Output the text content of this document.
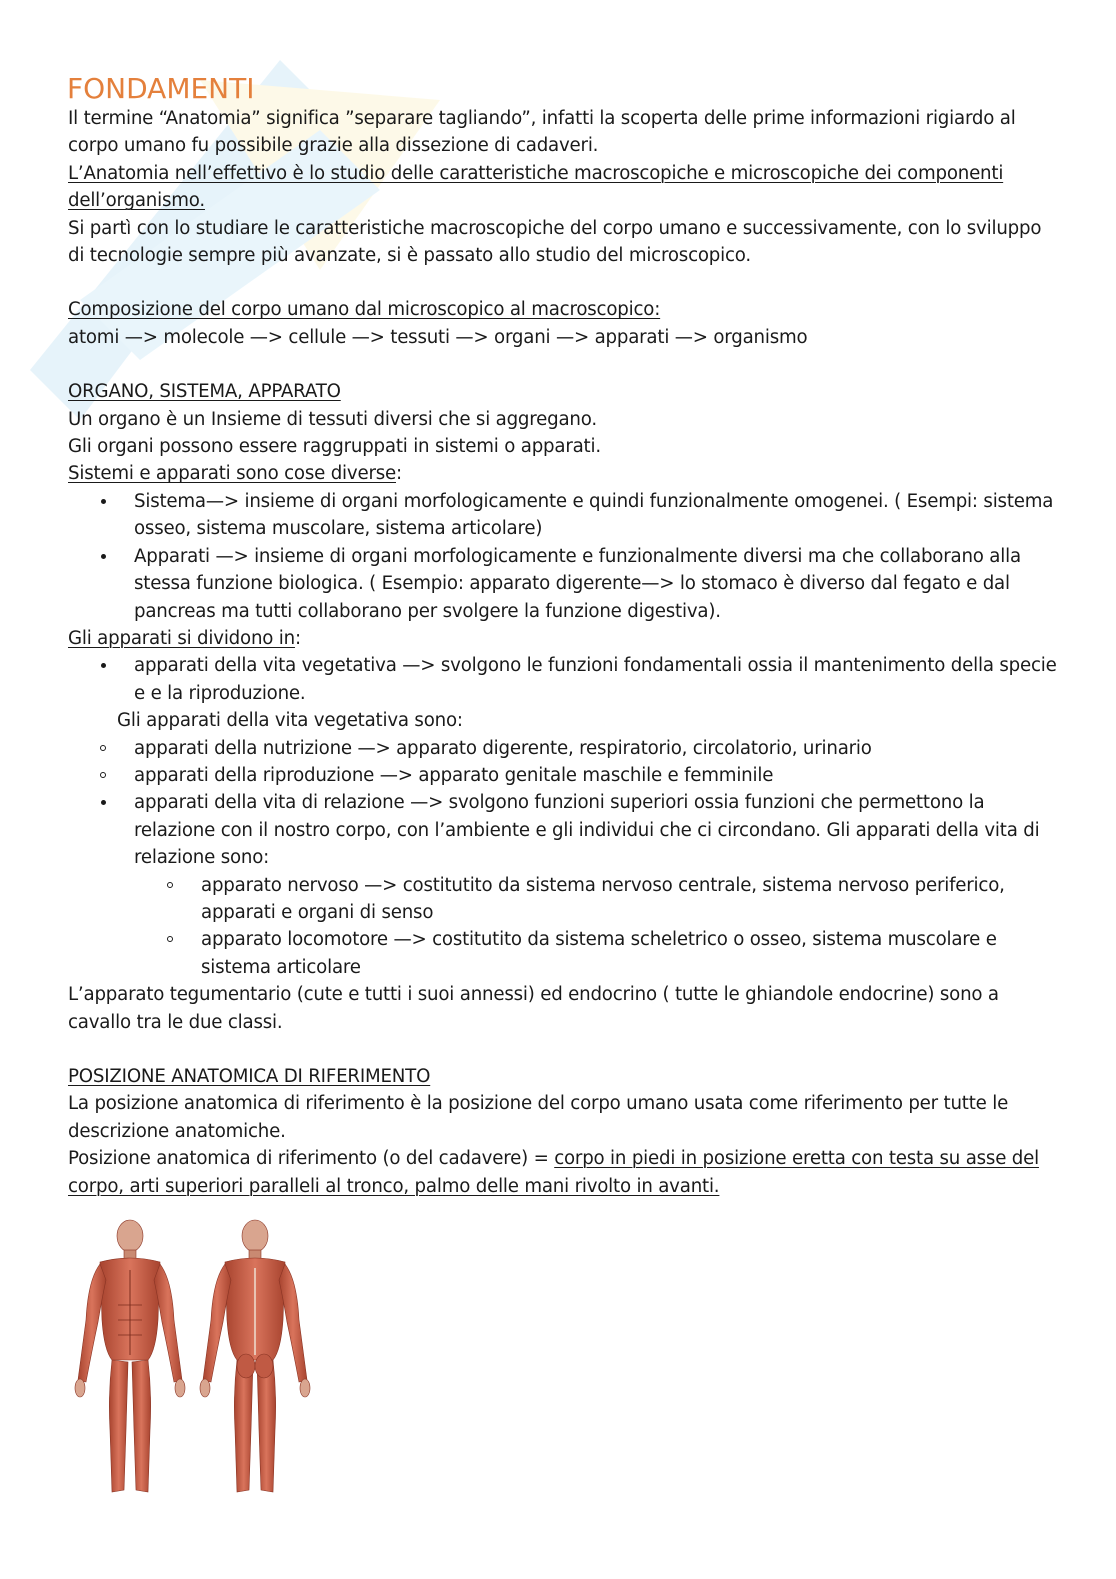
FONDAMENTI

Il termine “Anatomia” significa ”separare tagliando”, infatti la scoperta delle prime informazioni rigiardo al corpo umano fu possibile grazie alla dissezione di cadaveri.

L’Anatomia nell’effettivo è lo studio delle caratteristiche macroscopiche e microscopiche dei componenti dell’organismo.

Si partì con lo studiare le caratteristiche macroscopiche del corpo umano e successivamente, con lo sviluppo di tecnologie sempre più avanzate, si è passato allo studio del microscopico.

Composizione del corpo umano dal microscopico al macroscopico:

atomi —> molecole —> cellule —> tessuti —> organi —> apparati —> organismo

ORGANO, SISTEMA, APPARATO

Un organo è un Insieme di tessuti diversi che si aggregano.

Gli organi possono essere raggruppati in sistemi o apparati.

Sistemi e apparati sono cose diverse:

Sistema—> insieme di organi morfologicamente e quindi funzionalmente omogenei. ( Esempi: sistema osseo, sistema muscolare, sistema articolare)
Apparati —> insieme di organi morfologicamente e funzionalmente diversi ma che collaborano alla stessa funzione biologica. ( Esempio: apparato digerente—> lo stomaco è diverso dal fegato e dal pancreas ma tutti collaborano per svolgere la funzione digestiva).

Gli apparati si dividono in:

apparati della vita vegetativa —> svolgono le funzioni fondamentali ossia il mantenimento della specie e e la riproduzione.

Gli apparati della vita vegetativa sono:

apparati della nutrizione —> apparato digerente, respiratorio, circolatorio, urinario
apparati della riproduzione —> apparato genitale maschile e femminile
apparati della vita di relazione —> svolgono funzioni superiori ossia funzioni che permettono la relazione con il nostro corpo, con l’ambiente e gli individui che ci circondano. Gli apparati della vita di relazione sono:
apparato nervoso —> costitutito da sistema nervoso centrale, sistema nervoso periferico, apparati e organi di senso
apparato locomotore —> costitutito da sistema scheletrico o osseo, sistema muscolare e sistema articolare

L’apparato tegumentario (cute e tutti i suoi annessi) ed endocrino ( tutte le ghiandole endocrine) sono a cavallo tra le due classi.

POSIZIONE ANATOMICA DI RIFERIMENTO

La posizione anatomica di riferimento è la posizione del corpo umano usata come riferimento per tutte le descrizione anatomiche.

Posizione anatomica di riferimento (o del cadavere) = corpo in piedi in posizione eretta con testa su asse del corpo, arti superiori paralleli al tronco, palmo delle mani rivolto in avanti.
